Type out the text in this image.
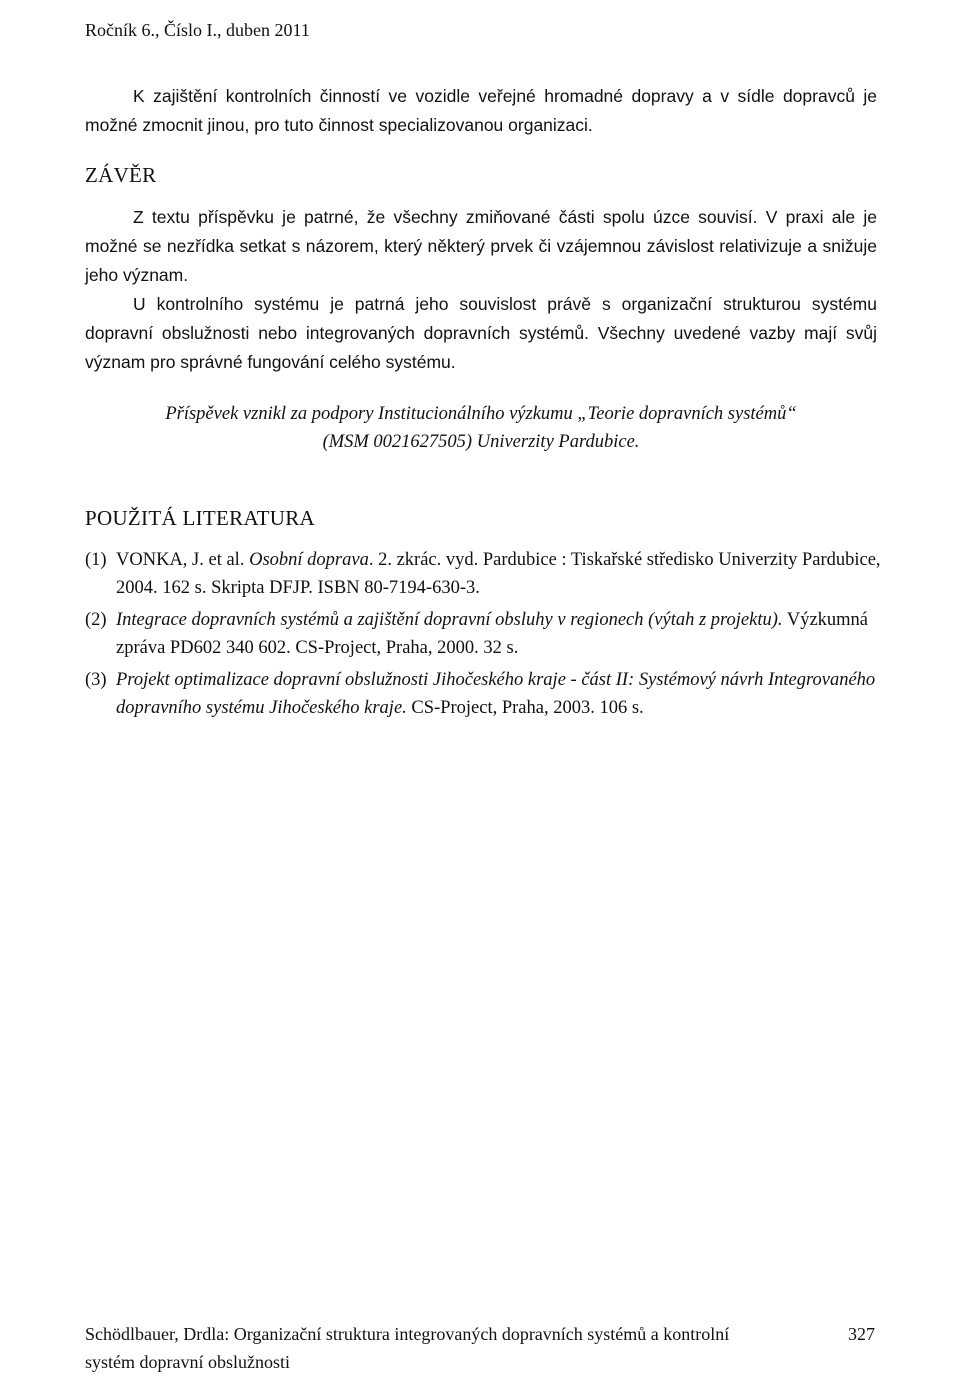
Ročník 6., Číslo I., duben 2011

K zajištění kontrolních činností ve vozidle veřejné hromadné dopravy a v sídle dopravců je možné zmocnit jinou, pro tuto činnost specializovanou organizaci.

ZÁVĚR

Z textu příspěvku je patrné, že všechny zmiňované části spolu úzce souvisí. V praxi ale je možné se nezřídka setkat s názorem, který některý prvek či vzájemnou závislost relativizuje a snižuje jeho význam.

U kontrolního systému je patrná jeho souvislost právě s organizační strukturou systému dopravní obslužnosti nebo integrovaných dopravních systémů. Všechny uvedené vazby mají svůj význam pro správné fungování celého systému.

Příspěvek vznikl za podpory Institucionálního výzkumu „Teorie dopravních systémů“
(MSM 0021627505) Univerzity Pardubice.

POUŽITÁ LITERATURA
(1) VONKA, J. et al. Osobní doprava. 2. zkrác. vyd. Pardubice : Tiskařské středisko Univerzity Pardubice, 2004. 162 s. Skripta DFJP. ISBN 80-7194-630-3.
(2) Integrace dopravních systémů a zajištění dopravní obsluhy v regionech (výtah z projektu). Výzkumná zpráva PD602 340 602. CS-Project, Praha, 2000. 32 s.
(3) Projekt optimalizace dopravní obslužnosti Jihočeského kraje - část II: Systémový návrh Integrovaného dopravního systému Jihočeského kraje. CS-Project, Praha, 2003. 106 s.
Schödlbauer, Drdla: Organizační struktura integrovaných dopravních systémů a kontrolní	327
systém dopravní obslužnosti
